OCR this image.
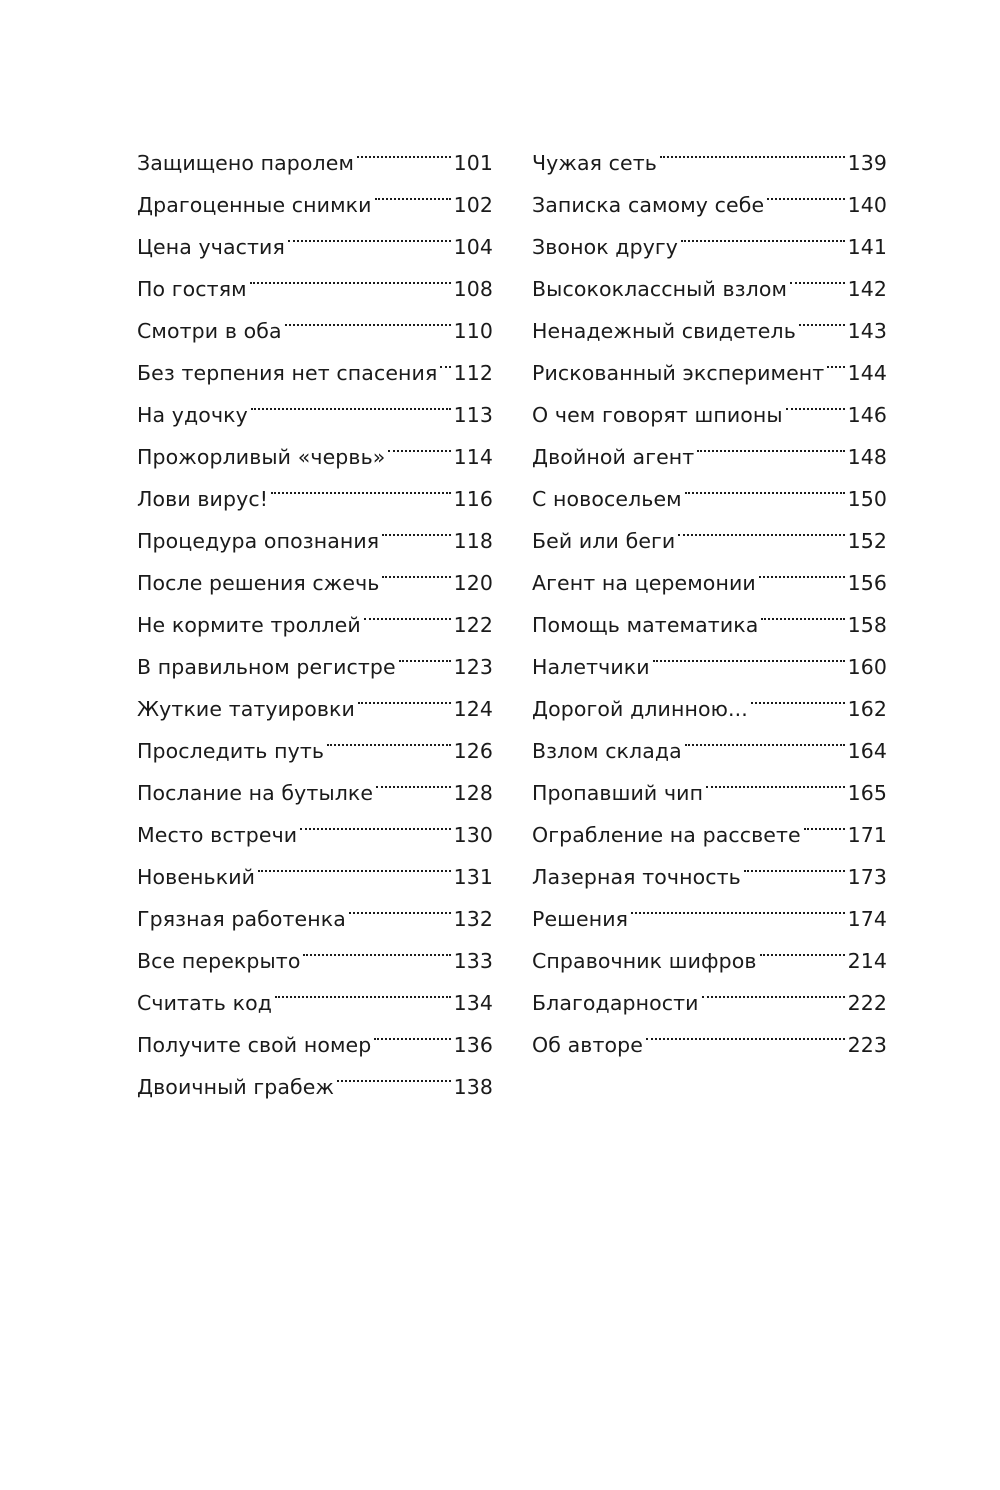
Защищено паролем	101
Драгоценные снимки	102
Цена участия	104
По гостям	108
Смотри в оба	110
Без терпения нет спасения 112
На удочку	113
Прожорливый «червь»	114
Лови вирус!	116
Процедура опознания	118
После решения сжечь	120
Не кормите троллей	122
В правильном регистре	123
Жуткие татуировки	124
Проследить путь	126
Послание на бутылке	128
Место встречи	130
Новенький	131
Грязная работенка	132
Все перекрыто	133
Считать код	134
Получите свой номер	136
Двоичный грабеж	138
Чужая сеть	139
Записка самому себе	140
Звонок другу	141
Высококлассный взлом	142
Ненадежный свидетель	143
Рискованный эксперимент 144
О чем говорят шпионы	146
Двойной агент	148
С новосельем	150
Бей или беги	152
Агент на церемонии	156
Помощь математика	158
Налетчики	160
Дорогой длинною...	162
Взлом склада	164
Пропавший чип	165
Ограбление на рассвете 171
Лазерная точность	173
Решения	174
Справочник шифров	214
Благодарности	222
Об авторе	223
